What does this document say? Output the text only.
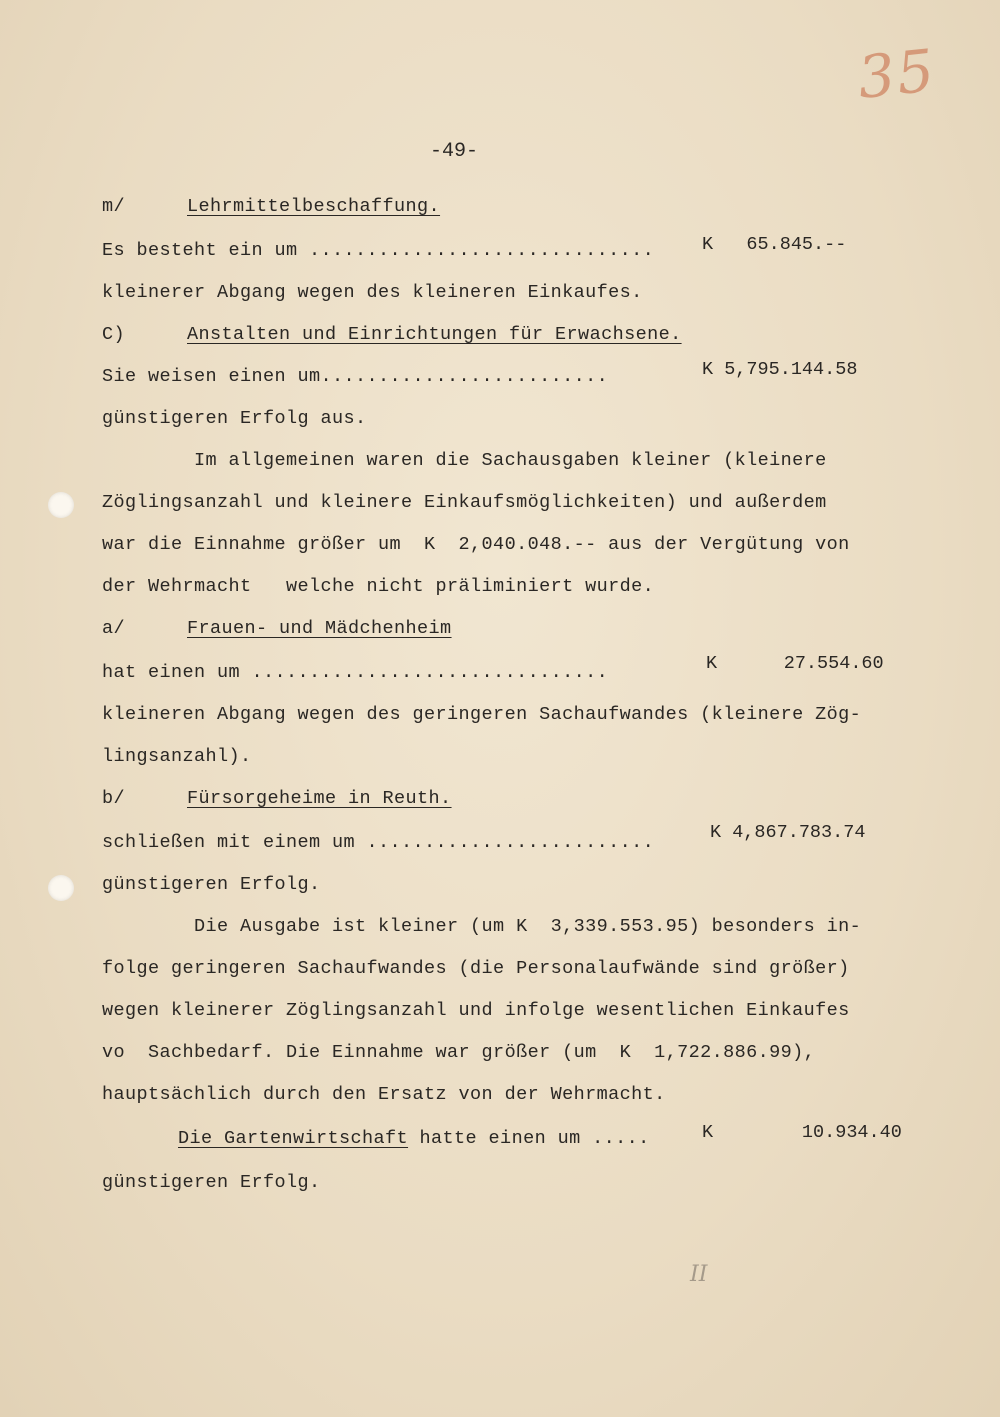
35
-49-
m/	Lehrmittelbeschaffung.
Es besteht ein um ..............................	K   65.845.--
kleinerer Abgang wegen des kleineren Einkaufes.
C)	Anstalten und Einrichtungen für Erwachsene.
Sie weisen einen um.........................	K 5,795.144.58
günstigeren Erfolg aus.
Im allgemeinen waren die Sachausgaben kleiner (kleinere
Zöglingsanzahl und kleinere Einkaufsmöglichkeiten) und außerdem
war die Einnahme größer um  K  2,040.048.-- aus der Vergütung von
der Wehrmacht   welche nicht präliminiert wurde.
a/	Frauen- und Mädchenheim
hat einen um ...............................	K      27.554.60
kleineren Abgang wegen des geringeren Sachaufwandes (kleinere Zög-
lingsanzahl).
b/	Fürsorgeheime in Reuth.
schließen mit einem um .........................	K 4,867.783.74
günstigeren Erfolg.
Die Ausgabe ist kleiner (um K  3,339.553.95) besonders in-
folge geringeren Sachaufwandes (die Personalaufwände sind größer)
wegen kleinerer Zöglingsanzahl und infolge wesentlichen Einkaufes
vo  Sachbedarf. Die Einnahme war größer (um  K  1,722.886.99),
hauptsächlich durch den Ersatz von der Wehrmacht.
Die Gartenwirtschaft hatte einen um .....	K        10.934.40
günstigeren Erfolg.
II
